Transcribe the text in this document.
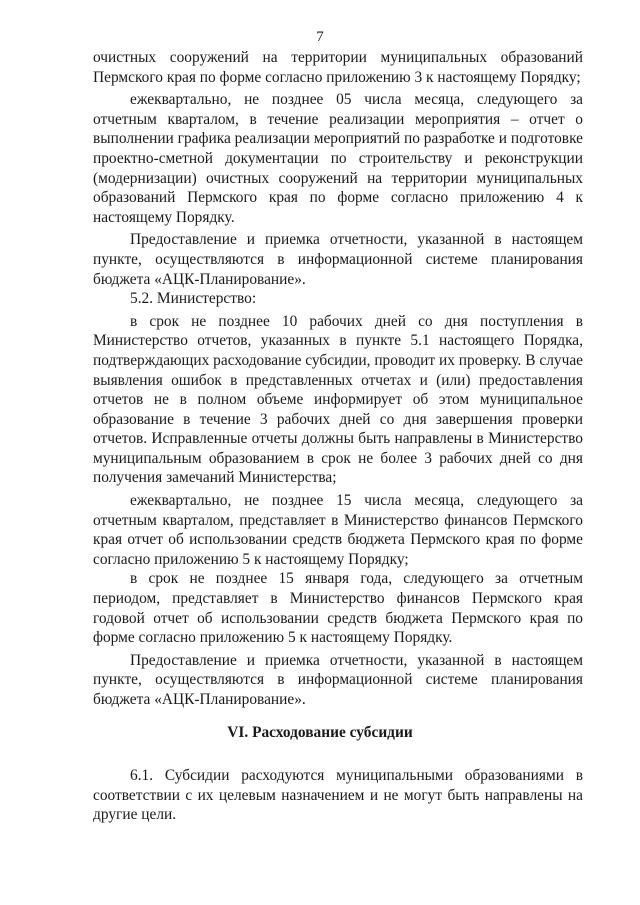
7

очистных сооружений на территории муниципальных образований Пермского края по форме согласно приложению 3 к настоящему Порядку;

ежеквартально, не позднее 05 числа месяца, следующего за отчетным кварталом, в течение реализации мероприятия – отчет о выполнении графика реализации мероприятий по разработке и подготовке проектно-сметной документации по строительству и реконструкции (модернизации) очистных сооружений на территории муниципальных образований Пермского края по форме согласно приложению 4 к настоящему Порядку.

Предоставление и приемка отчетности, указанной в настоящем пункте, осуществляются в информационной системе планирования бюджета «АЦК-Планирование».

5.2. Министерство:

в срок не позднее 10 рабочих дней со дня поступления в Министерство отчетов, указанных в пункте 5.1 настоящего Порядка, подтверждающих расходование субсидии, проводит их проверку. В случае выявления ошибок в представленных отчетах и (или) предоставления отчетов не в полном объеме информирует об этом муниципальное образование в течение 3 рабочих дней со дня завершения проверки отчетов. Исправленные отчеты должны быть направлены в Министерство муниципальным образованием в срок не более 3 рабочих дней со дня получения замечаний Министерства;

ежеквартально, не позднее 15 числа месяца, следующего за отчетным кварталом, представляет в Министерство финансов Пермского края отчет об использовании средств бюджета Пермского края по форме согласно приложению 5 к настоящему Порядку;

в срок не позднее 15 января года, следующего за отчетным периодом, представляет в Министерство финансов Пермского края годовой отчет об использовании средств бюджета Пермского края по форме согласно приложению 5 к настоящему Порядку.

Предоставление и приемка отчетности, указанной в настоящем пункте, осуществляются в информационной системе планирования бюджета «АЦК-Планирование».

VI. Расходование субсидии

6.1. Субсидии расходуются муниципальными образованиями в соответствии с их целевым назначением и не могут быть направлены на другие цели.
